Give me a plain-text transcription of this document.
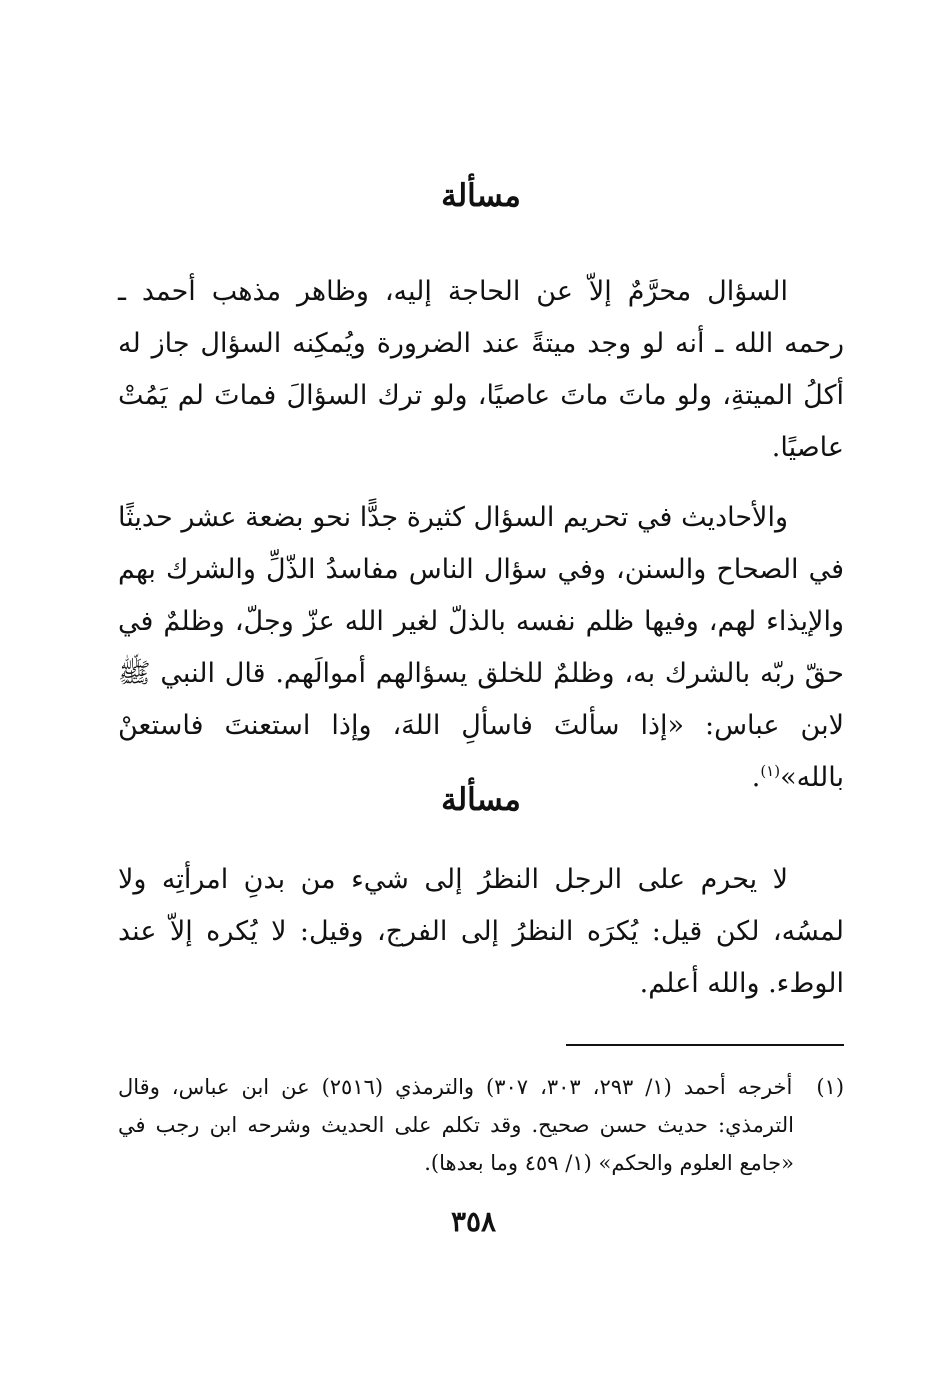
مسألة

السؤال محرَّمٌ إلاّ عن الحاجة إليه، وظاهر مذهب أحمد ـ رحمه الله ـ أنه لو وجد ميتةً عند الضرورة ويُمكِنه السؤال جاز له أكلُ الميتةِ، ولو ماتَ ماتَ عاصيًا، ولو ترك السؤالَ فماتَ لم يَمُتْ عاصيًا.

والأحاديث في تحريم السؤال كثيرة جدًّا نحو بضعة عشر حديثًا في الصحاح والسنن، وفي سؤال الناس مفاسدُ الذّلِّ والشرك بهم والإيذاء لهم، وفيها ظلم نفسه بالذلّ لغير الله عزّ وجلّ، وظلمٌ في حقّ ربّه بالشرك به، وظلمٌ للخلق يسؤالهم أموالَهم. قال النبي ﷺ لابن عباس: «إذا سألتَ فاسألِ اللهَ، وإذا استعنتَ فاستعنْ بالله»$^{(١)}$.

مسألة

لا يحرم على الرجل النظرُ إلى شيء من بدنِ امرأتِه ولا لمسُه، لكن قيل: يُكرَه النظرُ إلى الفرج، وقيل: لا يُكره إلاّ عند الوطء. والله أعلم.

(١)  أخرجه أحمد (١/ ٢٩٣، ٣٠٣، ٣٠٧) والترمذي (٢٥١٦) عن ابن عباس، وقال الترمذي: حديث حسن صحيح. وقد تكلم على الحديث وشرحه ابن رجب في «جامع العلوم والحكم» (١/ ٤٥٩ وما بعدها).

٣٥٨
